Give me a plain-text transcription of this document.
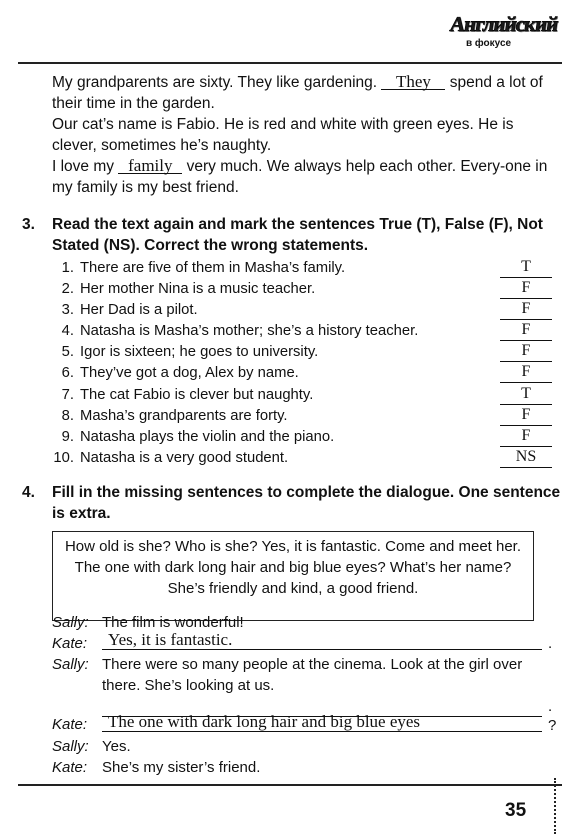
Английский
в фокусе

My grandparents are sixty. They like gardening. They spend a lot of their time in the garden.

Our cat’s name is Fabio. He is red and white with green eyes. He is clever, sometimes he’s naughty.

I love my family very much. We always help each other. Every-one in my family is my best friend.

3. Read the text again and mark the sentences True (T), False (F), Not Stated (NS). Correct the wrong statements.
1. There are five of them in Masha’s family.	T
2. Her mother Nina is a music teacher.	F
3. Her Dad is a pilot.	F
4. Natasha is Masha’s mother; she’s a history teacher.	F
5. Igor is sixteen; he goes to university.	F
6. They’ve got a dog, Alex by name.	F
7. The cat Fabio is clever but naughty.	T
8. Masha’s grandparents are forty.	F
9. Natasha plays the violin and the piano.	F
10. Natasha is a very good student.	NS
4. Fill in the missing sentences to complete the dialogue. One sentence is extra.
How old is she? Who is she? Yes, it is fantastic. Come and meet her. The one with dark long hair and big blue eyes? What’s her name? She’s friendly and kind, a good friend.
Sally: The film is wonderful!
Kate:	Yes, it is fantastic.	.
Sally: There were so many people at the cinema. Look at the girl over there. She’s looking at us.
.
Kate:	The one with dark long hair and big blue eyes	?
Sally: Yes.
Kate: She’s my sister’s friend.
35
